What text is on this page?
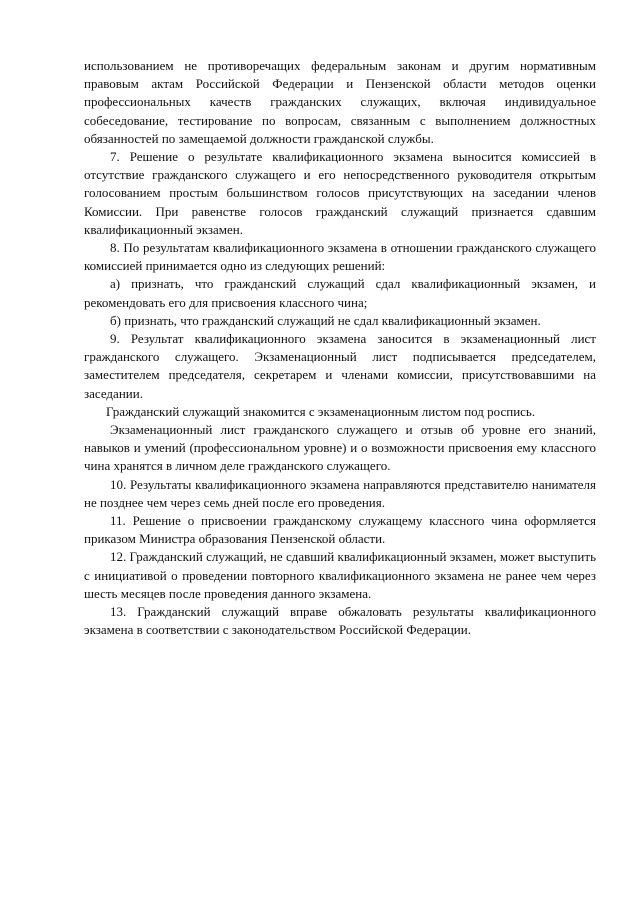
использованием не противоречащих федеральным законам и другим нормативным правовым актам Российской Федерации и Пензенской области методов оценки профессиональных качеств гражданских служащих, включая индивидуальное собеседование, тестирование по вопросам, связанным с выполнением должностных обязанностей по замещаемой должности гражданской службы.

7. Решение о результате квалификационного экзамена выносится комиссией в отсутствие гражданского служащего и его непосредственного руководителя открытым голосованием простым большинством голосов присутствующих на заседании членов Комиссии. При равенстве голосов гражданский служащий признается сдавшим квалификационный экзамен.

8. По результатам квалификационного экзамена в отношении гражданского служащего комиссией принимается одно из следующих решений:

а) признать, что гражданский служащий сдал квалификационный экзамен, и рекомендовать его для присвоения классного чина;

б) признать, что гражданский служащий не сдал квалификационный экзамен.

9. Результат квалификационного экзамена заносится в экзаменационный лист гражданского служащего. Экзаменационный лист подписывается председателем, заместителем председателя, секретарем и членами комиссии, присутствовавшими на заседании.

Гражданский служащий знакомится с экзаменационным листом под роспись.

Экзаменационный лист гражданского служащего и отзыв об уровне его знаний, навыков и умений (профессиональном уровне) и о возможности присвоения ему классного чина хранятся в личном деле гражданского служащего.

10. Результаты квалификационного экзамена направляются представителю нанимателя не позднее чем через семь дней после его проведения.

11. Решение о присвоении гражданскому служащему классного чина оформляется приказом Министра образования Пензенской области.

12. Гражданский служащий, не сдавший квалификационный экзамен, может выступить с инициативой о проведении повторного квалификационного экзамена не ранее чем через шесть месяцев после проведения данного экзамена.

13. Гражданский служащий вправе обжаловать результаты квалификационного экзамена в соответствии с законодательством Российской Федерации.
